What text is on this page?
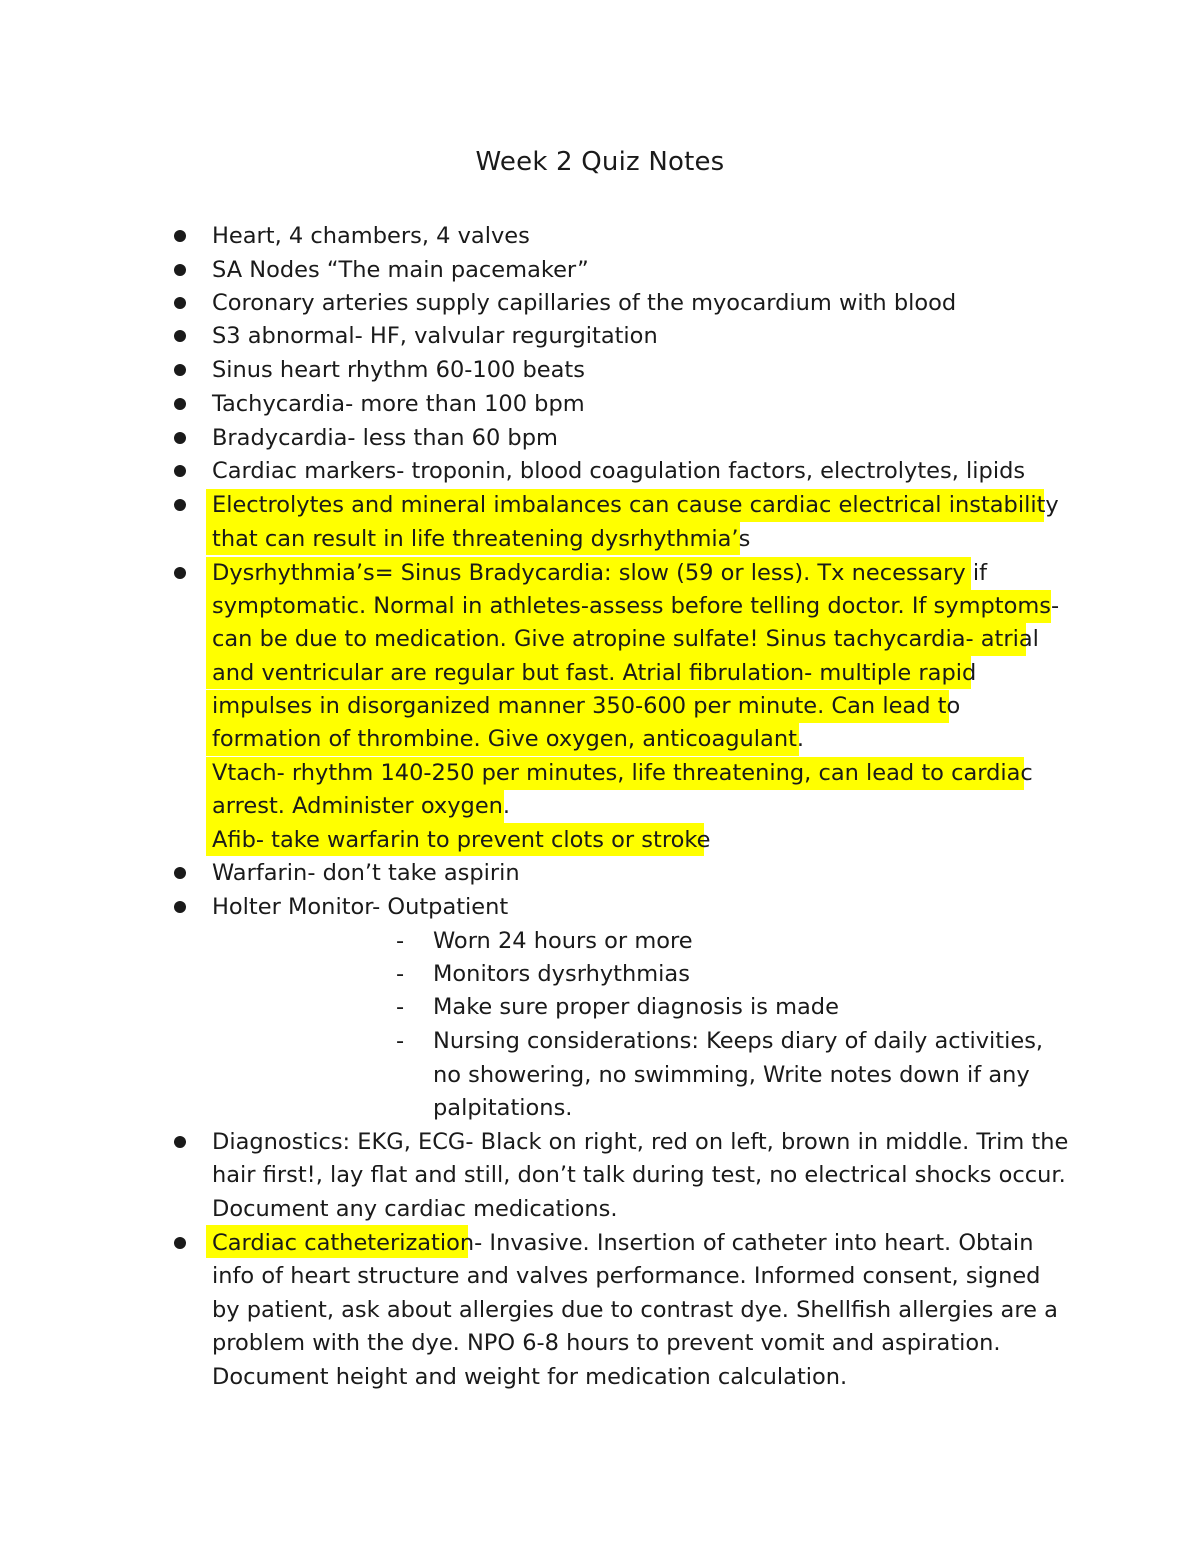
Week 2 Quiz Notes
Heart, 4 chambers, 4 valves
SA Nodes “The main pacemaker”
Coronary arteries supply capillaries of the myocardium with blood
S3 abnormal- HF, valvular regurgitation
Sinus heart rhythm 60-100 beats
Tachycardia- more than 100 bpm
Bradycardia- less than 60 bpm
Cardiac markers- troponin, blood coagulation factors, electrolytes, lipids
Electrolytes and mineral imbalances can cause cardiac electrical instability
that can result in life threatening dysrhythmia’s
Dysrhythmia’s= Sinus Bradycardia: slow (59 or less). Tx necessary if
symptomatic. Normal in athletes-assess before telling doctor. If symptoms-
can be due to medication. Give atropine sulfate! Sinus tachycardia- atrial
and ventricular are regular but fast. Atrial fibrulation- multiple rapid
impulses in disorganized manner 350-600 per minute. Can lead to
formation of thrombine. Give oxygen, anticoagulant.
Vtach- rhythm 140-250 per minutes, life threatening, can lead to cardiac
arrest. Administer oxygen.
Afib- take warfarin to prevent clots or stroke
Warfarin- don’t take aspirin
Holter Monitor- Outpatient
- Worn 24 hours or more
- Monitors dysrhythmias
- Make sure proper diagnosis is made
- Nursing considerations: Keeps diary of daily activities,
no showering, no swimming, Write notes down if any
palpitations.
Diagnostics: EKG, ECG- Black on right, red on left, brown in middle. Trim the
hair first!, lay flat and still, don’t talk during test, no electrical shocks occur.
Document any cardiac medications.
Cardiac catheterization- Invasive. Insertion of catheter into heart. Obtain
info of heart structure and valves performance. Informed consent, signed
by patient, ask about allergies due to contrast dye. Shellfish allergies are a
problem with the dye. NPO 6-8 hours to prevent vomit and aspiration.
Document height and weight for medication calculation.
